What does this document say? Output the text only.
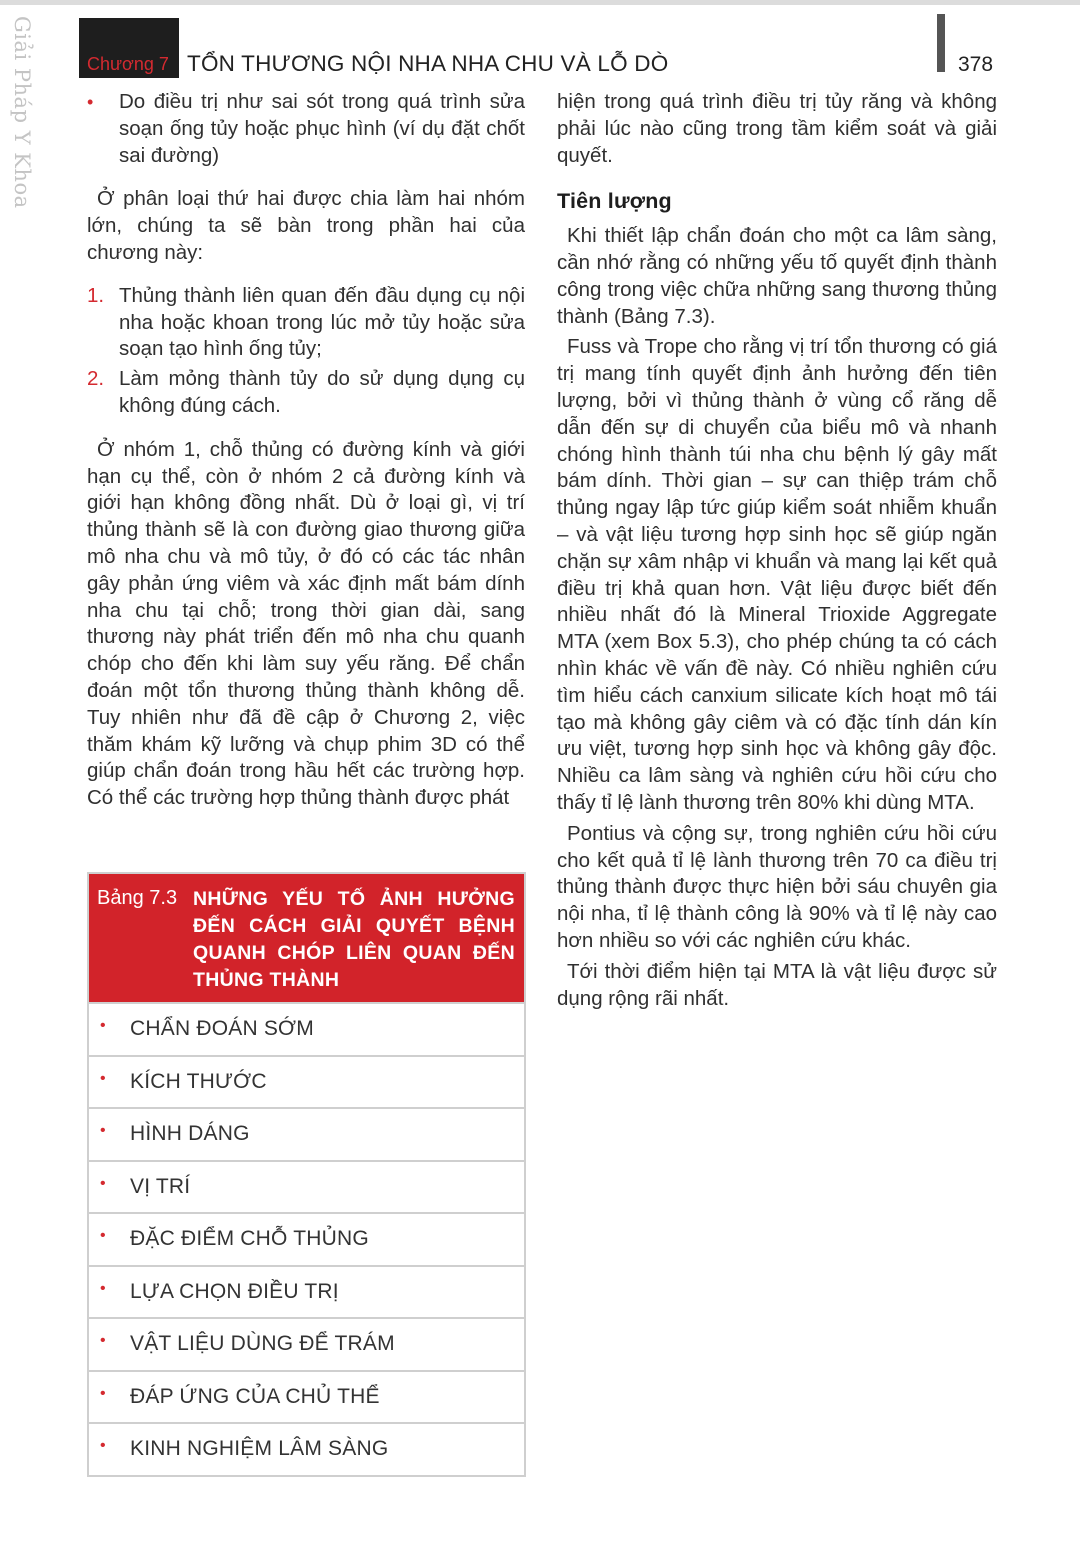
Giải Pháp Y Khoa	Chương 7 TỔN THƯƠNG NỘI NHA NHA CHU VÀ LỖ DÒ	378
• Do điều trị như sai sót trong quá trình sửa soạn ống tủy hoặc phục hình (ví dụ đặt chốt sai đường)

Ở phân loại thứ hai được chia làm hai nhóm lớn, chúng ta sẽ bàn trong phần hai của chương này:

1. Thủng thành liên quan đến đầu dụng cụ nội nha hoặc khoan trong lúc mở tủy hoặc sửa soạn tạo hình ống tủy;
2. Làm mỏng thành tủy do sử dụng dụng cụ không đúng cách.

Ở nhóm 1, chỗ thủng có đường kính và giới hạn cụ thể, còn ở nhóm 2 cả đường kính và giới hạn không đồng nhất. Dù ở loại gì, vị trí thủng thành sẽ là con đường giao thương giữa mô nha chu và mô tủy, ở đó có các tác nhân gây phản ứng viêm và xác định mất bám dính nha chu tại chỗ; trong thời gian dài, sang thương này phát triển đến mô nha chu quanh chóp cho đến khi làm suy yếu răng. Để chẩn đoán một tổn thương thủng thành không dễ. Tuy nhiên như đã đề cập ở Chương 2, việc thăm khám kỹ lưỡng và chụp phim 3D có thể giúp chẩn đoán trong hầu hết các trường hợp. Có thể các trường hợp thủng thành được phát

hiện trong quá trình điều trị tủy răng và không phải lúc nào cũng trong tầm kiểm soát và giải quyết.

Tiên lượng

Khi thiết lập chẩn đoán cho một ca lâm sàng, cần nhớ rằng có những yếu tố quyết định thành công trong việc chữa những sang thương thủng thành (Bảng 7.3).

Fuss và Trope cho rằng vị trí tổn thương có giá trị mang tính quyết định ảnh hưởng đến tiên lượng, bởi vì thủng thành ở vùng cổ răng dễ dẫn đến sự di chuyển của biểu mô và nhanh chóng hình thành túi nha chu bệnh lý gây mất bám dính. Thời gian – sự can thiệp trám chỗ thủng ngay lập tức giúp kiểm soát nhiễm khuẩn – và vật liệu tương hợp sinh học sẽ giúp ngăn chặn sự xâm nhập vi khuẩn và mang lại kết quả điều trị khả quan hơn. Vật liệu được biết đến nhiều nhất đó là Mineral Trioxide Aggregate MTA (xem Box 5.3), cho phép chúng ta có cách nhìn khác về vấn đề này. Có nhiều nghiên cứu tìm hiểu cách canxium silicate kích hoạt mô tái tạo mà không gây ciêm và có đặc tính dán kín ưu việt, tương hợp sinh học và không gây độc. Nhiều ca lâm sàng và nghiên cứu hồi cứu cho thấy tỉ lệ lành thương trên 80% khi dùng MTA.

Pontius và cộng sự, trong nghiên cứu hồi cứu cho kết quả tỉ lệ lành thương trên 70 ca điều trị thủng thành được thực hiện bởi sáu chuyên gia nội nha, tỉ lệ thành công là 90% và tỉ lệ này cao hơn nhiều so với các nghiên cứu khác.

Tới thời điểm hiện tại MTA là vật liệu được sử dụng rộng rãi nhất.

Bảng 7.3 NHỮNG YẾU TỐ ẢNH HƯỞNG ĐẾN CÁCH GIẢI QUYẾT BỆNH QUANH CHÓP LIÊN QUAN ĐẾN THỦNG THÀNH
• CHẨN ĐOÁN SỚM
• KÍCH THƯỚC
• HÌNH DÁNG
• VỊ TRÍ
• ĐẶC ĐIỂM CHỖ THỦNG
• LỰA CHỌN ĐIỀU TRỊ
• VẬT LIỆU DÙNG ĐỂ TRÁM
• ĐÁP ỨNG CỦA CHỦ THỂ
• KINH NGHIỆM LÂM SÀNG
